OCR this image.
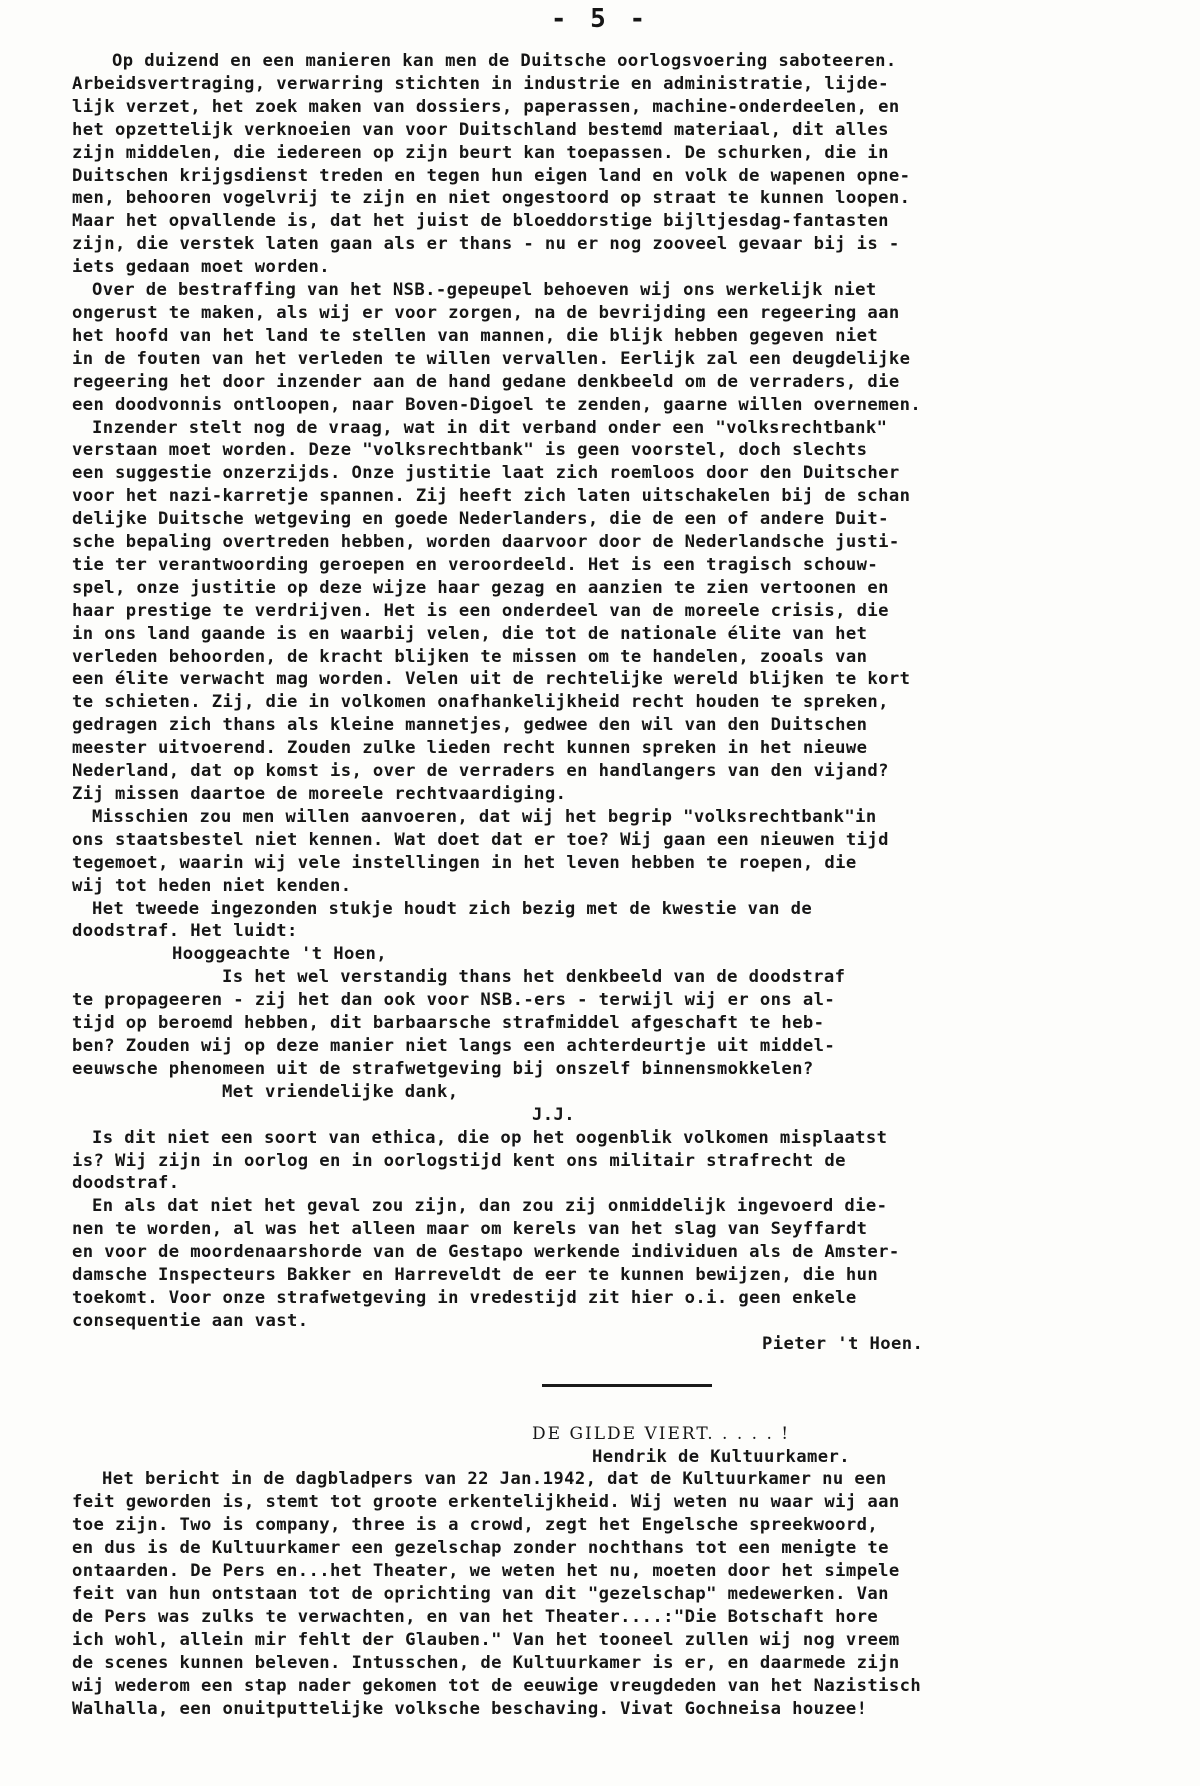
- 5 -
Op duizend en een manieren kan men de Duitsche oorlogsvoering saboteeren.
Arbeidsvertraging, verwarring stichten in industrie en administratie, lijde-
lijk verzet, het zoek maken van dossiers, paperassen, machine-onderdeelen, en
het opzettelijk verknoeien van voor Duitschland bestemd materiaal, dit alles
zijn middelen, die iedereen op zijn beurt kan toepassen. De schurken, die in
Duitschen krijgsdienst treden en tegen hun eigen land en volk de wapenen opne-
men, behooren vogelvrij te zijn en niet ongestoord op straat te kunnen loopen.
Maar het opvallende is, dat het juist de bloeddorstige bijltjesdag-fantasten
zijn, die verstek laten gaan als er thans - nu er nog zooveel gevaar bij is -
iets gedaan moet worden.
Over de bestraffing van het NSB.-gepeupel behoeven wij ons werkelijk niet
ongerust te maken, als wij er voor zorgen, na de bevrijding een regeering aan
het hoofd van het land te stellen van mannen, die blijk hebben gegeven niet
in de fouten van het verleden te willen vervallen. Eerlijk zal een deugdelijke
regeering het door inzender aan de hand gedane denkbeeld om de verraders, die
een doodvonnis ontloopen, naar Boven-Digoel te zenden, gaarne willen overnemen.
Inzender stelt nog de vraag, wat in dit verband onder een "volksrechtbank"
verstaan moet worden. Deze "volksrechtbank" is geen voorstel, doch slechts
een suggestie onzerzijds. Onze justitie laat zich roemloos door den Duitscher
voor het nazi-karretje spannen. Zij heeft zich laten uitschakelen bij de schan
delijke Duitsche wetgeving en goede Nederlanders, die de een of andere Duit-
sche bepaling overtreden hebben, worden daarvoor door de Nederlandsche justi-
tie ter verantwoording geroepen en veroordeeld. Het is een tragisch schouw-
spel, onze justitie op deze wijze haar gezag en aanzien te zien vertoonen en
haar prestige te verdrijven. Het is een onderdeel van de moreele crisis, die
in ons land gaande is en waarbij velen, die tot de nationale élite van het
verleden behoorden, de kracht blijken te missen om te handelen, zooals van
een élite verwacht mag worden. Velen uit de rechtelijke wereld blijken te kort
te schieten. Zij, die in volkomen onafhankelijkheid recht houden te spreken,
gedragen zich thans als kleine mannetjes, gedwee den wil van den Duitschen
meester uitvoerend. Zouden zulke lieden recht kunnen spreken in het nieuwe
Nederland, dat op komst is, over de verraders en handlangers van den vijand?
Zij missen daartoe de moreele rechtvaardiging.
Misschien zou men willen aanvoeren, dat wij het begrip "volksrechtbank"in
ons staatsbestel niet kennen. Wat doet dat er toe? Wij gaan een nieuwen tijd
tegemoet, waarin wij vele instellingen in het leven hebben te roepen, die
wij tot heden niet kenden.
Het tweede ingezonden stukje houdt zich bezig met de kwestie van de
doodstraf. Het luidt:
Hooggeachte 't Hoen,
Is het wel verstandig thans het denkbeeld van de doodstraf
te propageeren - zij het dan ook voor NSB.-ers - terwijl wij er ons al-
tijd op beroemd hebben, dit barbaarsche strafmiddel afgeschaft te heb-
ben? Zouden wij op deze manier niet langs een achterdeurtje uit middel-
eeuwsche phenomeen uit de strafwetgeving bij onszelf binnensmokkelen?
Met vriendelijke dank,
J.J.
Is dit niet een soort van ethica, die op het oogenblik volkomen misplaatst
is? Wij zijn in oorlog en in oorlogstijd kent ons militair strafrecht de
doodstraf.
En als dat niet het geval zou zijn, dan zou zij onmiddelijk ingevoerd die-
nen te worden, al was het alleen maar om kerels van het slag van Seyffardt
en voor de moordenaarshorde van de Gestapo werkende individuen als de Amster-
damsche Inspecteurs Bakker en Harreveldt de eer te kunnen bewijzen, die hun
toekomt. Voor onze strafwetgeving in vredestijd zit hier o.i. geen enkele
consequentie aan vast.
Pieter 't Hoen.
DE GILDE VIERT. . . . . !
Hendrik de Kultuurkamer.
Het bericht in de dagbladpers van 22 Jan.1942, dat de Kultuurkamer nu een
feit geworden is, stemt tot groote erkentelijkheid. Wij weten nu waar wij aan
toe zijn. Two is company, three is a crowd, zegt het Engelsche spreekwoord,
en dus is de Kultuurkamer een gezelschap zonder nochthans tot een menigte te
ontaarden. De Pers en...het Theater, we weten het nu, moeten door het simpele
feit van hun ontstaan tot de oprichting van dit "gezelschap" medewerken. Van
de Pers was zulks te verwachten, en van het Theater....:"Die Botschaft hore
ich wohl, allein mir fehlt der Glauben." Van het tooneel zullen wij nog vreem
de scenes kunnen beleven. Intusschen, de Kultuurkamer is er, en daarmede zijn
wij wederom een stap nader gekomen tot de eeuwige vreugdeden van het Nazistisch
Walhalla, een onuitputtelijke volksche beschaving. Vivat Gochneisa houzee!
